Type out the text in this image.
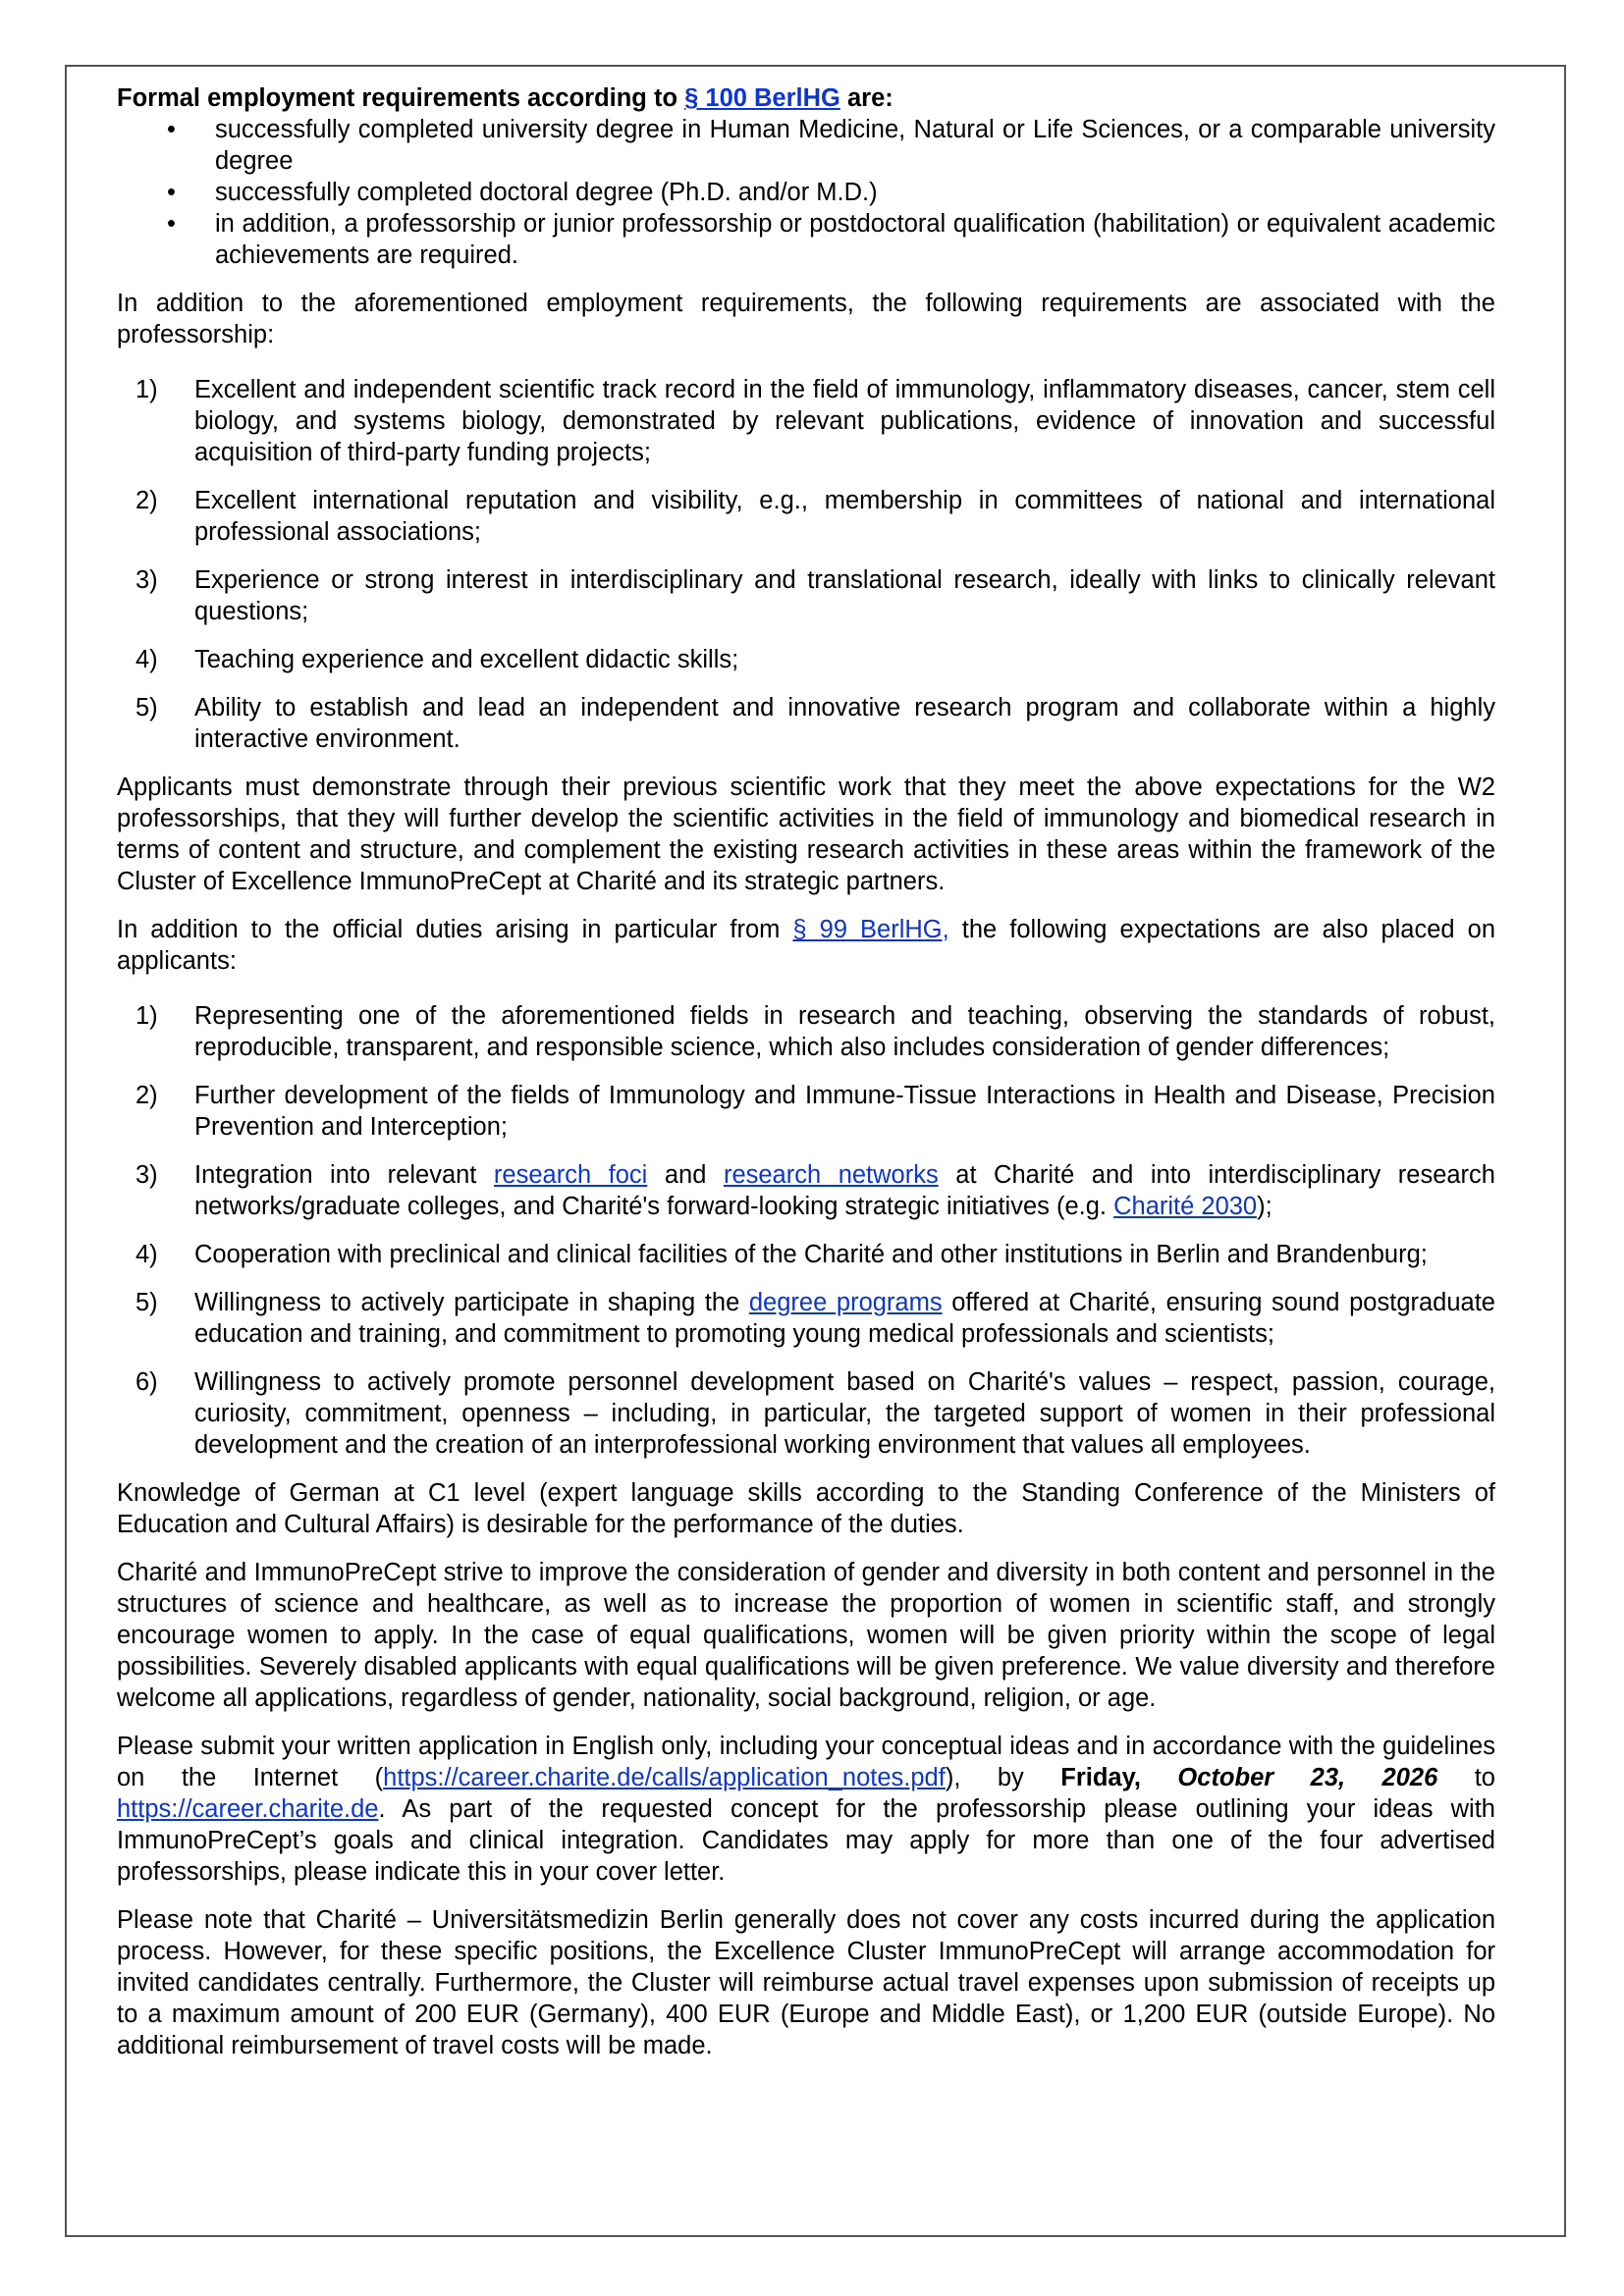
Formal employment requirements according to § 100 BerlHG are:

• successfully completed university degree in Human Medicine, Natural or Life Sciences, or a comparable university degree
• successfully completed doctoral degree (Ph.D. and/or M.D.)
• in addition, a professorship or junior professorship or postdoctoral qualification (habilitation) or equivalent academic achievements are required.

In addition to the aforementioned employment requirements, the following requirements are associated with the professorship:

1) Excellent and independent scientific track record in the field of immunology, inflammatory diseases, cancer, stem cell biology, and systems biology, demonstrated by relevant publications, evidence of innovation and successful acquisition of third-party funding projects;
2) Excellent international reputation and visibility, e.g., membership in committees of national and international professional associations;
3) Experience or strong interest in interdisciplinary and translational research, ideally with links to clinically relevant questions;
4) Teaching experience and excellent didactic skills;
5) Ability to establish and lead an independent and innovative research program and collaborate within a highly interactive environment.

Applicants must demonstrate through their previous scientific work that they meet the above expectations for the W2 professorships, that they will further develop the scientific activities in the field of immunology and biomedical research in terms of content and structure, and complement the existing research activities in these areas within the framework of the Cluster of Excellence ImmunoPreCept at Charité and its strategic partners.

In addition to the official duties arising in particular from § 99 BerlHG, the following expectations are also placed on applicants:

1) Representing one of the aforementioned fields in research and teaching, observing the standards of robust, reproducible, transparent, and responsible science, which also includes consideration of gender differences;
2) Further development of the fields of Immunology and Immune-Tissue Interactions in Health and Disease, Precision Prevention and Interception;
3) Integration into relevant research foci and research networks at Charité and into interdisciplinary research networks/graduate colleges, and Charité's forward-looking strategic initiatives (e.g. Charité 2030);
4) Cooperation with preclinical and clinical facilities of the Charité and other institutions in Berlin and Brandenburg;
5) Willingness to actively participate in shaping the degree programs offered at Charité, ensuring sound postgraduate education and training, and commitment to promoting young medical professionals and scientists;
6) Willingness to actively promote personnel development based on Charité's values – respect, passion, courage, curiosity, commitment, openness – including, in particular, the targeted support of women in their professional development and the creation of an interprofessional working environment that values all employees.

Knowledge of German at C1 level (expert language skills according to the Standing Conference of the Ministers of Education and Cultural Affairs) is desirable for the performance of the duties.

Charité and ImmunoPreCept strive to improve the consideration of gender and diversity in both content and personnel in the structures of science and healthcare, as well as to increase the proportion of women in scientific staff, and strongly encourage women to apply. In the case of equal qualifications, women will be given priority within the scope of legal possibilities. Severely disabled applicants with equal qualifications will be given preference. We value diversity and therefore welcome all applications, regardless of gender, nationality, social background, religion, or age.

Please submit your written application in English only, including your conceptual ideas and in accordance with the guidelines on the Internet (https://career.charite.de/calls/application_notes.pdf), by Friday, October 23, 2026 to https://career.charite.de. As part of the requested concept for the professorship please outlining your ideas with ImmunoPreCept’s goals and clinical integration. Candidates may apply for more than one of the four advertised professorships, please indicate this in your cover letter.

Please note that Charité – Universitätsmedizin Berlin generally does not cover any costs incurred during the application process. However, for these specific positions, the Excellence Cluster ImmunoPreCept will arrange accommodation for invited candidates centrally. Furthermore, the Cluster will reimburse actual travel expenses upon submission of receipts up to a maximum amount of 200 EUR (Germany), 400 EUR (Europe and Middle East), or 1,200 EUR (outside Europe). No additional reimbursement of travel costs will be made.
